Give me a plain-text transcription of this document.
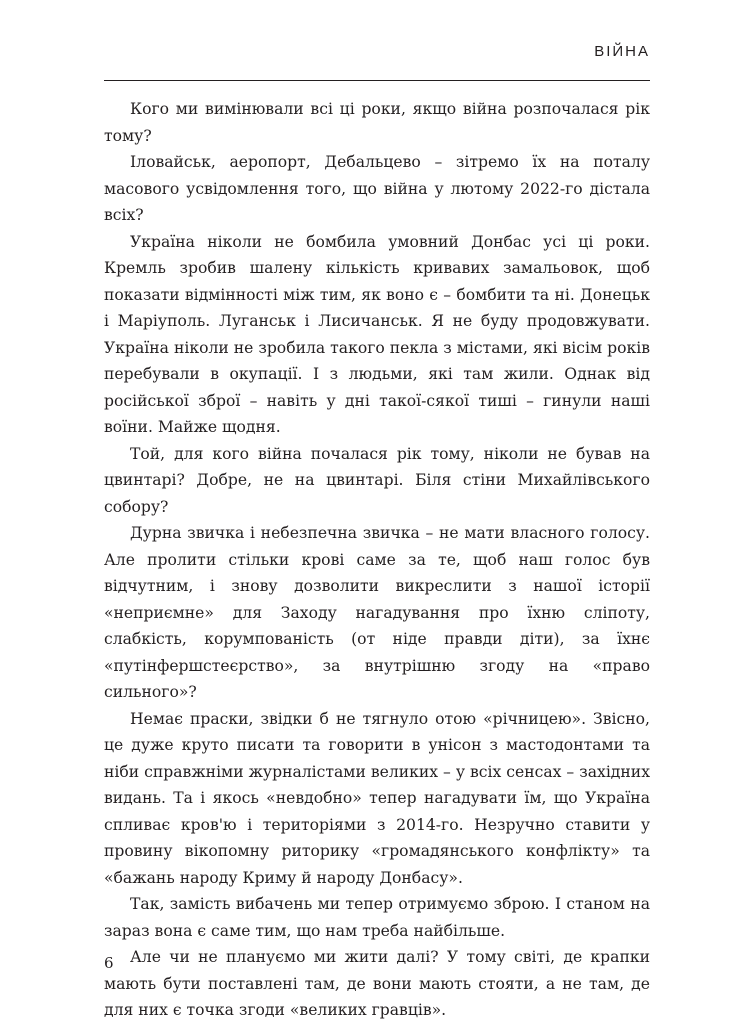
ВІЙНА

Кого ми вимінювали всі ці роки, якщо війна розпочалася рік тому?

Іловайськ, аеропорт, Дебальцево – зітремо їх на поталу масового усвідомлення того, що війна у лютому 2022-го дістала всіх?

Україна ніколи не бомбила умовний Донбас усі ці роки. Кремль зробив шалену кількість кривавих замальовок, щоб показати відмінності між тим, як воно є – бомбити та ні. Донецьк і Маріуполь. Луганськ і Лисичанськ. Я не буду продовжувати. Україна ніколи не зробила такого пекла з містами, які вісім років перебували в окупації. І з людьми, які там жили. Однак від російської зброї – навіть у дні такої-сякої тиші – гинули наші воїни. Майже щодня.

Той, для кого війна почалася рік тому, ніколи не бував на цвинтарі? Добре, не на цвинтарі. Біля стіни Михайлівського собору?

Дурна звичка і небезпечна звичка – не мати власного голосу. Але пролити стільки крові саме за те, щоб наш голос був відчутним, і знову дозволити викреслити з нашої історії «неприємне» для Заходу нагадування про їхню сліпоту, слабкість, корумпованість (от ніде правди діти), за їхнє «путінфершстеєрство», за внутрішню згоду на «право сильного»?

Немає праски, звідки б не тягнуло отою «річницею». Звісно, це дуже круто писати та говорити в унісон з мастодонтами та ніби справжніми журналістами великих – у всіх сенсах – західних видань. Та і якось «невдобно» тепер нагадувати їм, що Україна спливає кров'ю і територіями з 2014-го. Незручно ставити у провину вікопомну риторику «громадянського конфлікту» та «бажань народу Криму й народу Донбасу».

Так, замість вибачень ми тепер отримуємо зброю. І станом на зараз вона є саме тим, що нам треба найбільше.

Але чи не плануємо ми жити далі? У тому світі, де крапки мають бути поставлені там, де вони мають стояти, а не там, де для них є точка згоди «великих гравців».

6
